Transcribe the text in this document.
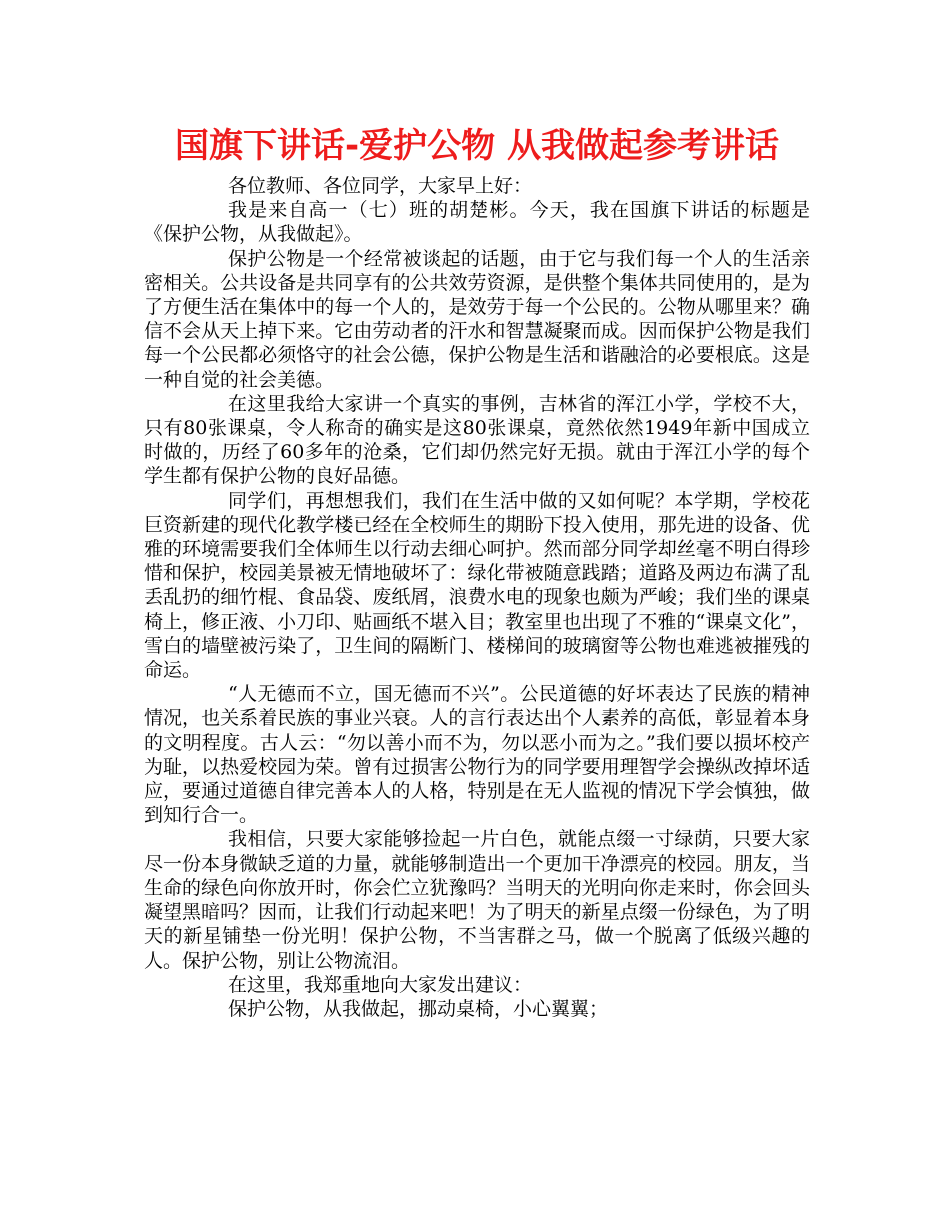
国旗下讲话-爱护公物 从我做起参考讲话

各位教师、各位同学，大家早上好：

我是来自高一（七）班的胡楚彬。今天，我在国旗下讲话的标题是《保护公物，从我做起》。

保护公物是一个经常被谈起的话题，由于它与我们每一个人的生活亲密相关。公共设备是共同享有的公共效劳资源，是供整个集体共同使用的，是为了方便生活在集体中的每一个人的，是效劳于每一个公民的。公物从哪里来？确信不会从天上掉下来。它由劳动者的汗水和智慧凝聚而成。因而保护公物是我们每一个公民都必须恪守的社会公德，保护公物是生活和谐融洽的必要根底。这是一种自觉的社会美德。

在这里我给大家讲一个真实的事例，吉林省的浑江小学，学校不大，只有80张课桌，令人称奇的确实是这80张课桌，竟然依然1949年新中国成立时做的，历经了60多年的沧桑，它们却仍然完好无损。就由于浑江小学的每个学生都有保护公物的良好品德。

同学们，再想想我们，我们在生活中做的又如何呢？本学期，学校花巨资新建的现代化教学楼已经在全校师生的期盼下投入使用，那先进的设备、优雅的环境需要我们全体师生以行动去细心呵护。然而部分同学却丝毫不明白得珍惜和保护，校园美景被无情地破坏了：绿化带被随意践踏；道路及两边布满了乱丢乱扔的细竹棍、食品袋、废纸屑，浪费水电的现象也颇为严峻；我们坐的课桌椅上，修正液、小刀印、贴画纸不堪入目；教室里也出现了不雅的“课桌文化”，雪白的墙壁被污染了，卫生间的隔断门、楼梯间的玻璃窗等公物也难逃被摧残的命运。

“人无德而不立，国无德而不兴”。公民道德的好坏表达了民族的精神情况，也关系着民族的事业兴衰。人的言行表达出个人素养的高低，彰显着本身的文明程度。古人云：“勿以善小而不为，勿以恶小而为之。”我们要以损坏校产为耻，以热爱校园为荣。曾有过损害公物行为的同学要用理智学会操纵改掉坏适应，要通过道德自律完善本人的人格，特别是在无人监视的情况下学会慎独，做到知行合一。

我相信，只要大家能够捡起一片白色，就能点缀一寸绿荫，只要大家尽一份本身微缺乏道的力量，就能够制造出一个更加干净漂亮的校园。朋友，当生命的绿色向你放开时，你会伫立犹豫吗？当明天的光明向你走来时，你会回头凝望黑暗吗？因而，让我们行动起来吧！为了明天的新星点缀一份绿色，为了明天的新星铺垫一份光明！保护公物，不当害群之马，做一个脱离了低级兴趣的人。保护公物，别让公物流泪。

在这里，我郑重地向大家发出建议：

保护公物，从我做起，挪动桌椅，小心翼翼；
